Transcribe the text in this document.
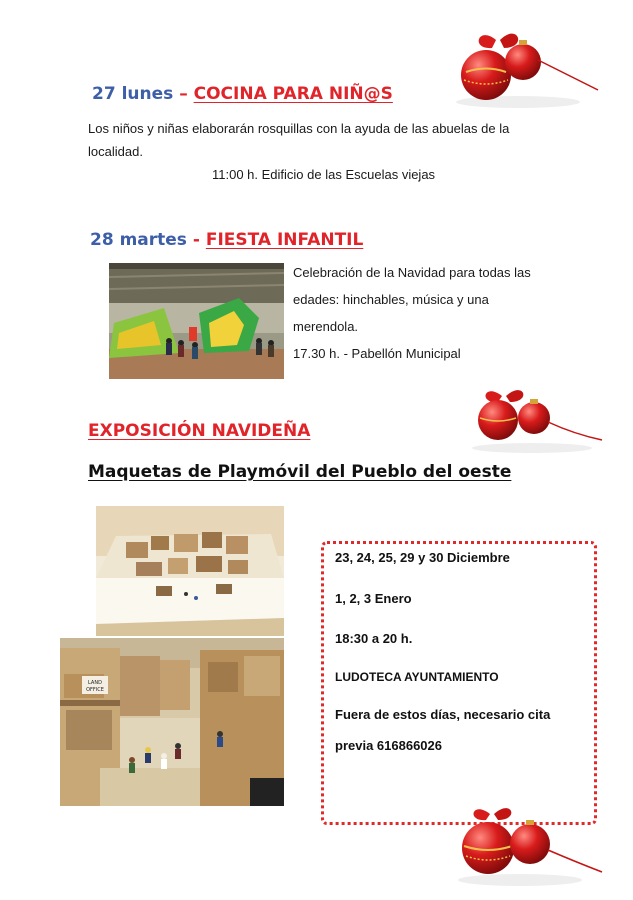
27 lunes – COCINA PARA NIÑ@S
Los niños y niñas elaborarán rosquillas con la ayuda de las abuelas de la localidad.
11:00 h. Edificio de las Escuelas viejas
28 martes - FIESTA INFANTIL
Celebración de la Navidad para todas las
edades: hinchables, música y una
merendola.
17.30 h. - Pabellón Municipal
EXPOSICIÓN NAVIDEÑA
Maquetas de Playmóvil del Pueblo del oeste
LAND
OFFICE
23, 24, 25, 29 y 30 Diciembre
1, 2, 3 Enero
18:30 a 20 h.
LUDOTECA AYUNTAMIENTO
Fuera de estos días, necesario cita
previa 616866026
